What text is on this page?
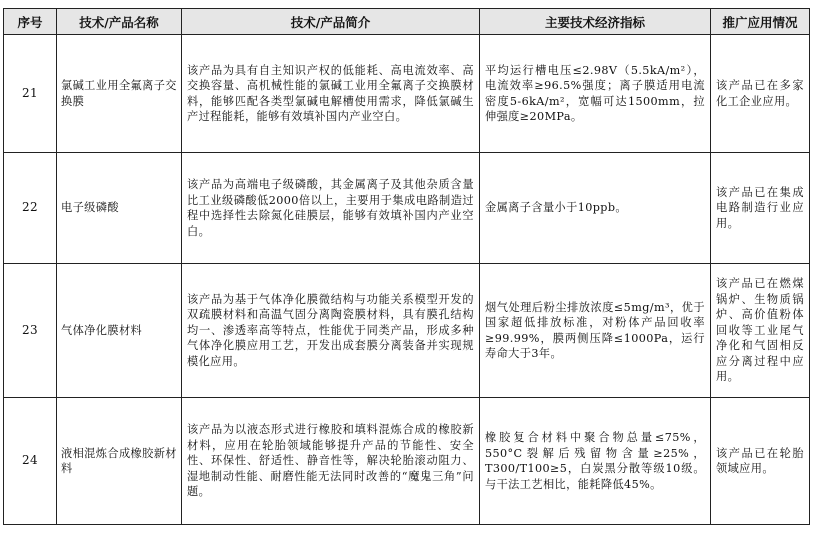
序号	技术/产品名称	技术/产品简介	主要技术经济指标	推广应用情况
21	氯碱工业用全氟离子交换膜	该产品为具有自主知识产权的低能耗、高电流效率、高交换容量、高机械性能的氯碱工业用全氟离子交换膜材料，能够匹配各类型氯碱电解槽使用需求，降低氯碱生产过程能耗，能够有效填补国内产业空白。	平均运行槽电压≤2.98V（5.5kA/m²），电流效率≥96.5%强度；离子膜适用电流密度5-6kA/m²，宽幅可达1500mm，拉伸强度≥20MPa。	该产品已在多家化工企业应用。
22	电子级磷酸	该产品为高端电子级磷酸，其金属离子及其他杂质含量比工业级磷酸低2000倍以上，主要用于集成电路制造过程中选择性去除氮化硅膜层，能够有效填补国内产业空白。	金属离子含量小于10ppb。	该产品已在集成电路制造行业应用。
23	气体净化膜材料	该产品为基于气体净化膜微结构与功能关系模型开发的双疏膜材料和高温气固分离陶瓷膜材料，具有膜孔结构均一、渗透率高等特点，性能优于同类产品，形成多种气体净化膜应用工艺，开发出成套膜分离装备并实现规模化应用。	烟气处理后粉尘排放浓度≤5mg/m³，优于国家超低排放标准，对粉体产品回收率≥99.99%，膜两侧压降≤1000Pa，运行寿命大于3年。	该产品已在燃煤锅炉、生物质锅炉、高价值粉体回收等工业尾气净化和气固相反应分离过程中应用。
24	液相混炼合成橡胶新材料	该产品为以液态形式进行橡胶和填料混炼合成的橡胶新材料，应用在轮胎领域能够提升产品的节能性、安全性、环保性、舒适性、静音性等，解决轮胎滚动阻力、湿地制动性能、耐磨性能无法同时改善的“魔鬼三角”问题。	橡胶复合材料中聚合物总量≤75%，550°C裂解后残留物含量≥25%，T300/T100≥5，白炭黑分散等级10级。与干法工艺相比，能耗降低45%。	该产品已在轮胎领域应用。
